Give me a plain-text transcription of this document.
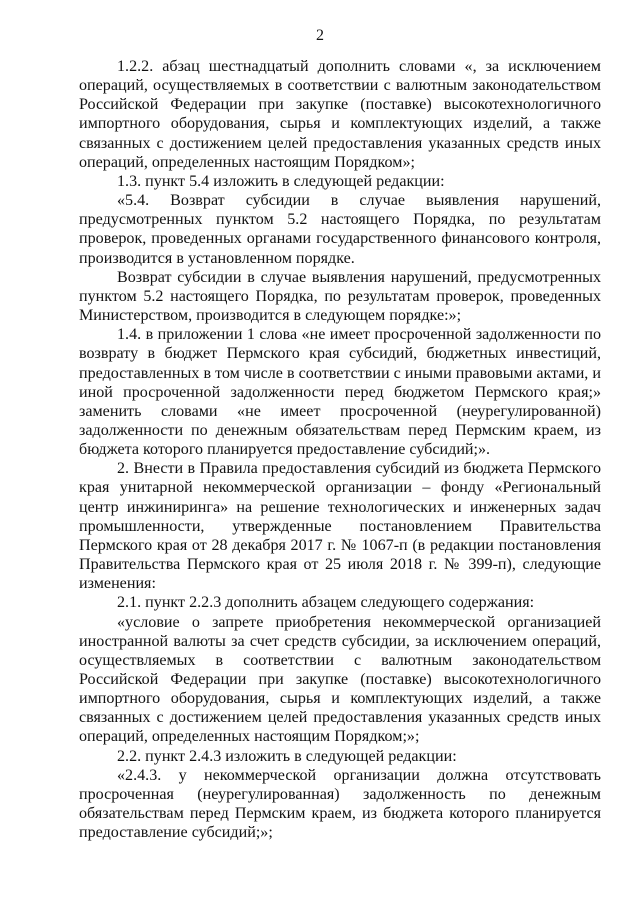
2

1.2.2. абзац шестнадцатый дополнить словами «, за исключением операций, осуществляемых в соответствии с валютным законодательством Российской Федерации при закупке (поставке) высокотехнологичного импортного оборудования, сырья и комплектующих изделий, а также связанных с достижением целей предоставления указанных средств иных операций, определенных настоящим Порядком»;

1.3. пункт 5.4 изложить в следующей редакции:

«5.4. Возврат субсидии в случае выявления нарушений, предусмотренных пунктом 5.2 настоящего Порядка, по результатам проверок, проведенных органами государственного финансового контроля, производится в установленном порядке.

Возврат субсидии в случае выявления нарушений, предусмотренных пунктом 5.2 настоящего Порядка, по результатам проверок, проведенных Министерством, производится в следующем порядке:»;

1.4. в приложении 1 слова «не имеет просроченной задолженности по возврату в бюджет Пермского края субсидий, бюджетных инвестиций, предоставленных в том числе в соответствии с иными правовыми актами, и иной просроченной задолженности перед бюджетом Пермского края;» заменить словами «не имеет просроченной (неурегулированной) задолженности по денежным обязательствам перед Пермским краем, из бюджета которого планируется предоставление субсидий;».

2. Внести в Правила предоставления субсидий из бюджета Пермского края унитарной некоммерческой организации – фонду «Региональный центр инжиниринга» на решение технологических и инженерных задач промышленности, утвержденные постановлением Правительства Пермского края от 28 декабря 2017 г. № 1067-п (в редакции постановления Правительства Пермского края от 25 июля 2018 г. № 399-п), следующие изменения:

2.1. пункт 2.2.3 дополнить абзацем следующего содержания:

«условие о запрете приобретения некоммерческой организацией иностранной валюты за счет средств субсидии, за исключением операций, осуществляемых в соответствии с валютным законодательством Российской Федерации при закупке (поставке) высокотехнологичного импортного оборудования, сырья и комплектующих изделий, а также связанных с достижением целей предоставления указанных средств иных операций, определенных настоящим Порядком;»;

2.2. пункт 2.4.3 изложить в следующей редакции:

«2.4.3. у некоммерческой организации должна отсутствовать просроченная (неурегулированная) задолженность по денежным обязательствам перед Пермским краем, из бюджета которого планируется предоставление субсидий;»;
